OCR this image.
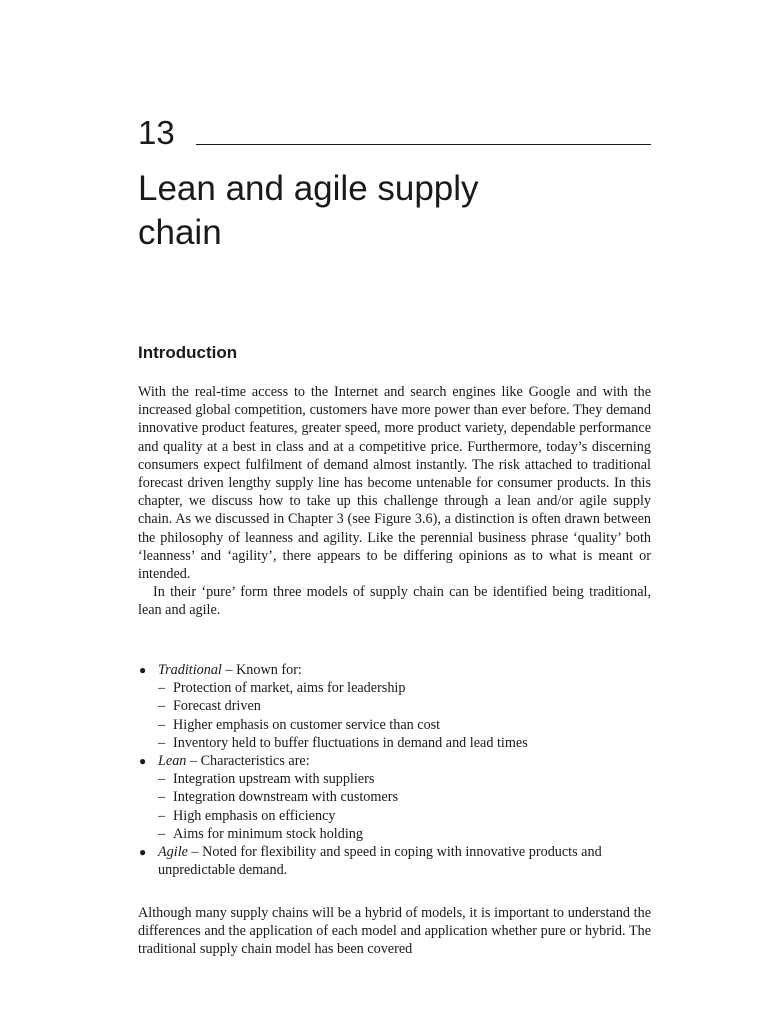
13
Lean and agile supply
chain
Introduction

With the real-time access to the Internet and search engines like Google and with the increased global competition, customers have more power than ever before. They demand innovative product features, greater speed, more product variety, dependable performance and quality at a best in class and at a competitive price. Furthermore, today’s discerning consumers expect fulfilment of demand almost instantly. The risk attached to traditional forecast driven lengthy supply line has become untenable for consumer products. In this chapter, we discuss how to take up this challenge through a lean and/or agile supply chain. As we discussed in Chapter 3 (see Figure 3.6), a distinction is often drawn between the philosophy of leanness and agility. Like the perennial business phrase ‘quality’ both ‘leanness’ and ‘agility’, there appears to be differing opinions as to what is meant or intended.

In their ‘pure’ form three models of supply chain can be identified being traditional, lean and agile.

● Traditional – Known for:
– Protection of market, aims for leadership
– Forecast driven
– Higher emphasis on customer service than cost
– Inventory held to buffer fluctuations in demand and lead times
● Lean – Characteristics are:
– Integration upstream with suppliers
– Integration downstream with customers
– High emphasis on efficiency
– Aims for minimum stock holding
● Agile – Noted for flexibility and speed in coping with innovative products and unpredictable demand.

Although many supply chains will be a hybrid of models, it is important to understand the differences and the application of each model and application whether pure or hybrid. The traditional supply chain model has been covered
